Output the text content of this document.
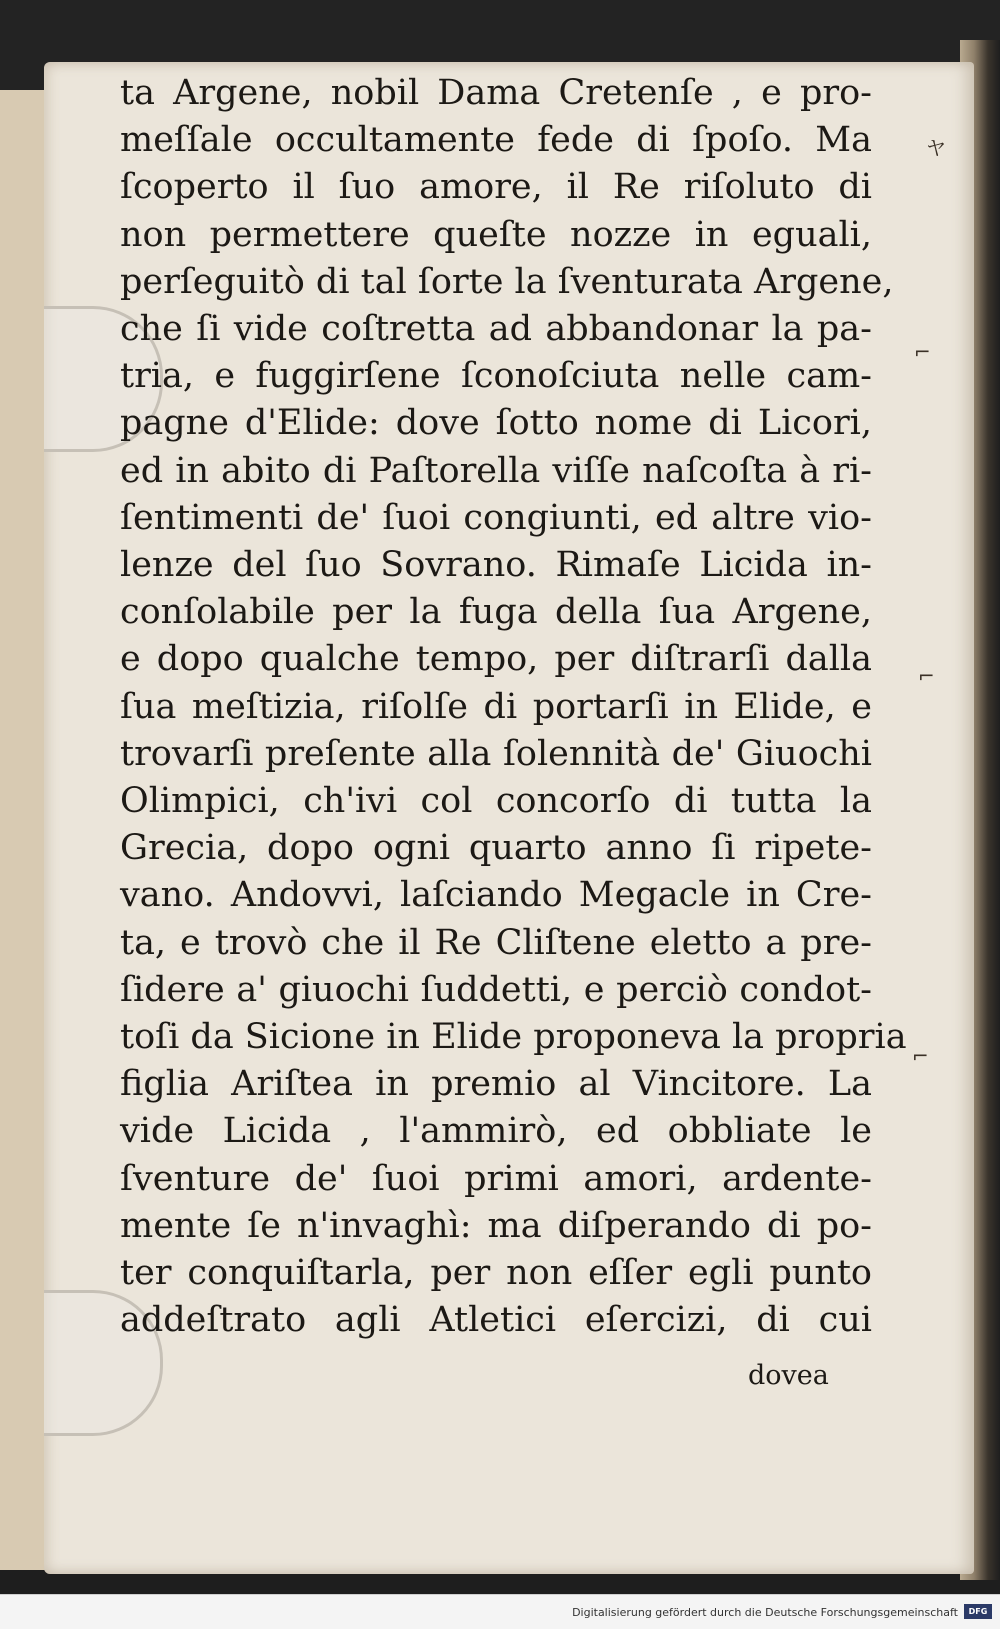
ta Argene, nobil Dama Cretenſe , e pro-
meſſale occultamente fede di ſpoſo. Ma
ſcoperto il ſuo amore, il Re riſoluto di
non permettere queſte nozze in eguali,
perſeguitò di tal ſorte la ſventurata Argene,
che ſi vide coſtretta ad abbandonar la pa-
tria, e fuggirſene ſconoſciuta nelle cam-
pagne d'Elide: dove ſotto nome di Licori,
ed in abito di Paſtorella viſſe naſcoſta à ri-
ſentimenti de' ſuoi congiunti, ed altre vio-
lenze del ſuo Sovrano. Rimaſe Licida in-
conſolabile per la fuga della ſua Argene,
e dopo qualche tempo, per diſtrarſi dalla
ſua meſtizia, riſolſe di portarſi in Elide, e
trovarſi preſente alla ſolennità de' Giuochi
Olimpici, ch'ivi col concorſo di tutta la
Grecia, dopo ogni quarto anno ſi ripete-
vano. Andovvi, laſciando Megacle in Cre-
ta, e trovò che il Re Cliſtene eletto a pre-
ſidere a' giuochi ſuddetti, e perciò condot-
toſi da Sicione in Elide proponeva la propria
figlia Ariſtea in premio al Vincitore. La
vide Licida , l'ammirò, ed obbliate le
ſventure de' ſuoi primi amori, ardente-
mente ſe n'invaghì: ma diſperando di po-
ter conquiſtarla, per non eſſer egli punto
addeſtrato agli Atletici eſercizi, di cui
dovea
ヤ
⌐
⌐
⌐
Digitalisierung gefördert durch die Deutsche Forschungsgemeinschaft	DFG
